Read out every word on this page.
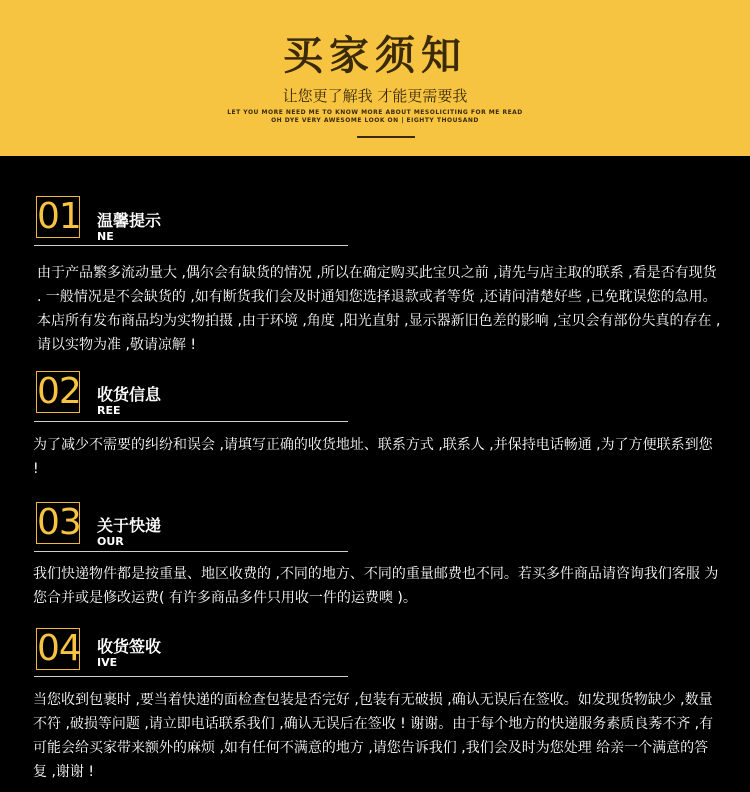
买家须知
让您更了解我 才能更需要我
LET YOU MORE NEED ME TO KNOW MORE ABOUT MESOLICITING FOR ME READ
OH DYE VERY AWESOME LOOK ON | EIGHTY THOUSAND
01 温馨提示
NE
由于产品繁多流动量大 ,偶尔会有缺货的情况 ,所以在确定购买此宝贝之前 ,请先与店主取的联系 ,看是否有现货 . 一般情况是不会缺货的 ,如有断货我们会及时通知您选择退款或者等货 ,还请问清楚好些 ,已免耽误您的急用。本店所有发布商品均为实物拍摄 ,由于环境 ,角度 ,阳光直射 ,显示器新旧色差的影响 ,宝贝会有部份失真的存在 ,请以实物为准 ,敬请凉解 !
02 收货信息
REE
为了减少不需要的纠纷和误会 ,请填写正确的收货地址、联系方式 ,联系人 ,并保持电话畅通 ,为了方便联系到您 !
03 关于快递
OUR
我们快递物件都是按重量、地区收费的 ,不同的地方、不同的重量邮费也不同。若买多件商品请咨询我们客服 为您合并或是修改运费( 有许多商品多件只用收一件的运费噢 )。
04 收货签收
IVE
当您收到包裹时 ,要当着快递的面检查包装是否完好 ,包装有无破损 ,确认无误后在签收。如发现货物缺少 ,数量不符 ,破损等问题 ,请立即电话联系我们 ,确认无误后在签收 ! 谢谢。由于每个地方的快递服务素质良莠不齐 ,有可能会给买家带来额外的麻烦 ,如有任何不满意的地方 ,请您告诉我们 ,我们会及时为您处理 给亲一个满意的答复 ,谢谢 !
